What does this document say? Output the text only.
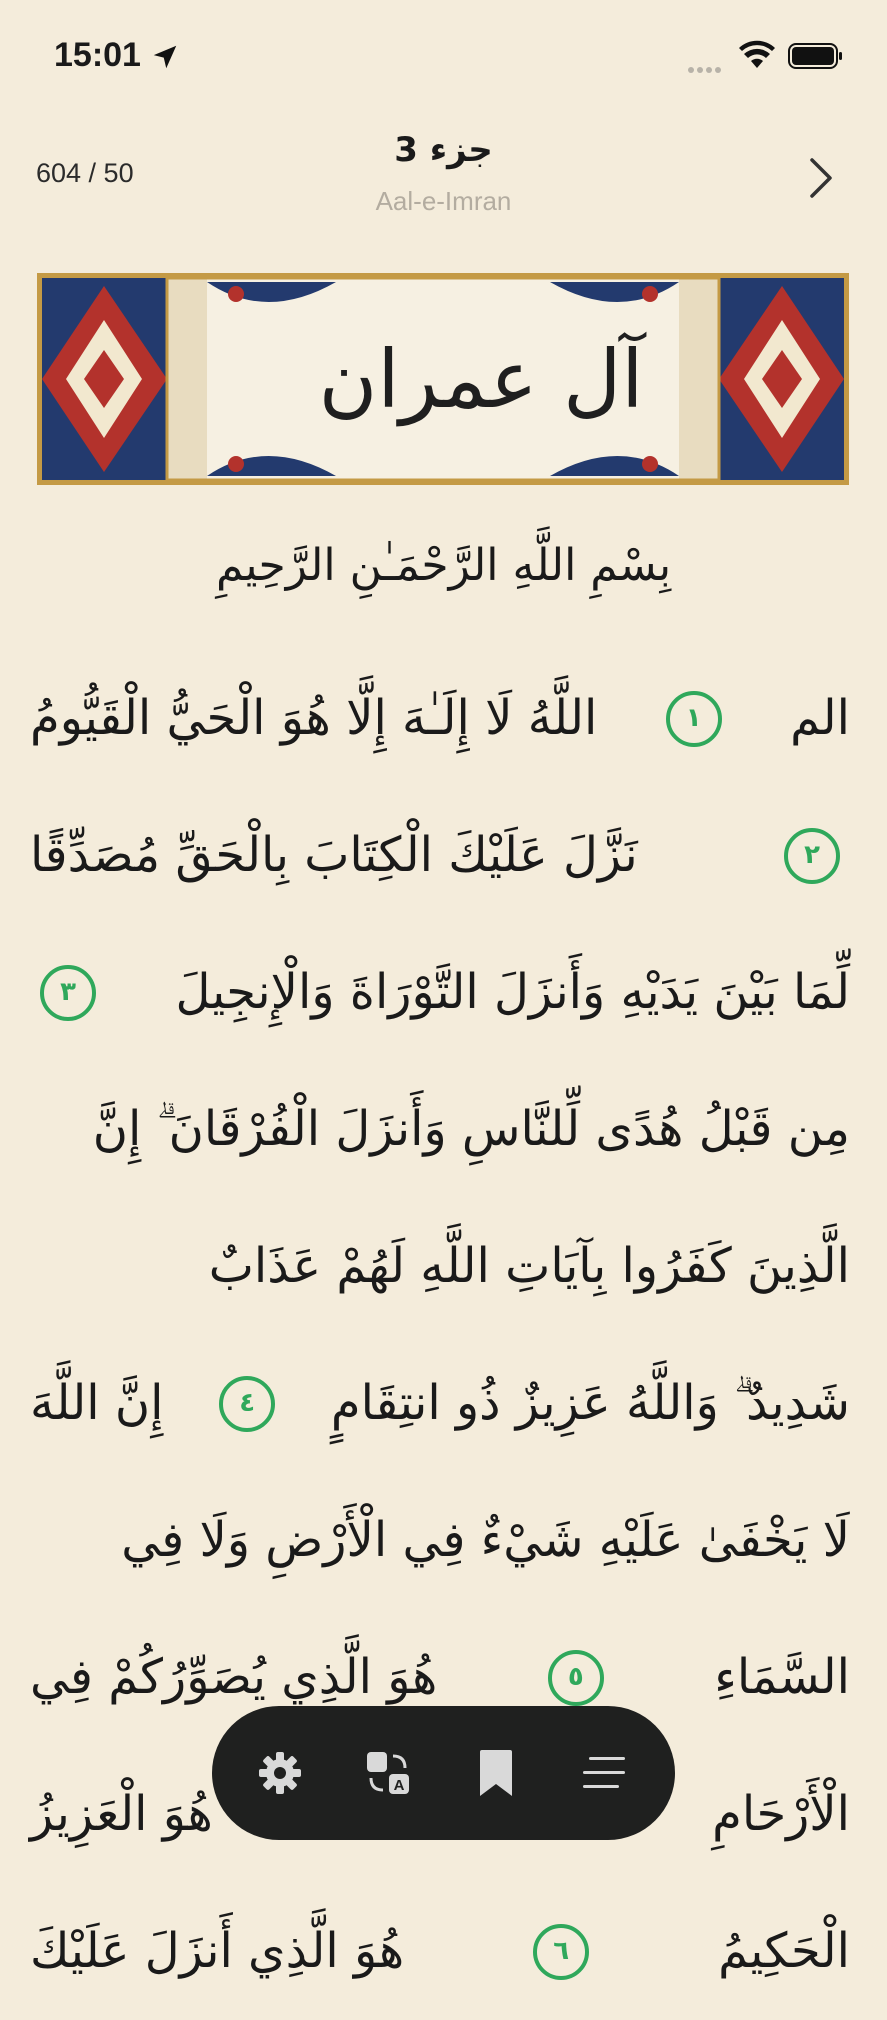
15:01
604 / 50
جزء 3
Aal-e-Imran
آل عمران
بِسْمِ اللَّهِ الرَّحْمَـٰنِ الرَّحِيمِ
الم
١
اللَّهُ لَا إِلَـٰهَ إِلَّا هُوَ الْحَيُّ الْقَيُّومُ
٢
نَزَّلَ عَلَيْكَ الْكِتَابَ بِالْحَقِّ مُصَدِّقًا
لِّمَا بَيْنَ يَدَيْهِ وَأَنزَلَ التَّوْرَاةَ وَالْإِنجِيلَ
٣
مِن قَبْلُ هُدًى لِّلنَّاسِ وَأَنزَلَ الْفُرْقَانَ ۗ إِنَّ
الَّذِينَ كَفَرُوا بِآيَاتِ اللَّهِ لَهُمْ عَذَابٌ
شَدِيدٌ ۗ وَاللَّهُ عَزِيزٌ ذُو انتِقَامٍ
٤
إِنَّ اللَّهَ
لَا يَخْفَىٰ عَلَيْهِ شَيْءٌ فِي الْأَرْضِ وَلَا فِي
السَّمَاءِ
٥
هُوَ الَّذِي يُصَوِّرُكُمْ فِي
الْأَرْحَامِ
هُوَ الْعَزِيزُ
الْحَكِيمُ
٦
هُوَ الَّذِي أَنزَلَ عَلَيْكَ
A
